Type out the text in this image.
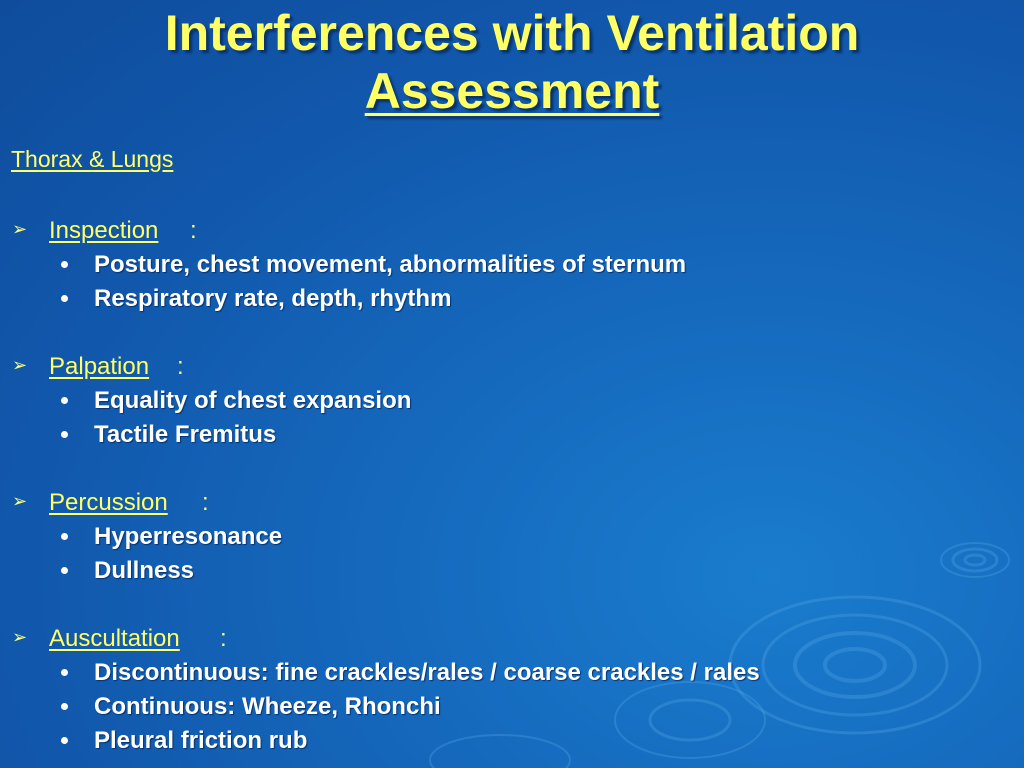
Interferences with Ventilation
Assessment
Thorax & Lungs
➢ Inspection :
Posture, chest movement, abnormalities of sternum
Respiratory rate, depth, rhythm
➢ Palpation :
Equality of chest expansion
Tactile Fremitus
➢ Percussion :
Hyperresonance
Dullness
➢ Auscultation :
Discontinuous: fine crackles/rales / coarse crackles / rales
Continuous: Wheeze, Rhonchi
Pleural friction rub
